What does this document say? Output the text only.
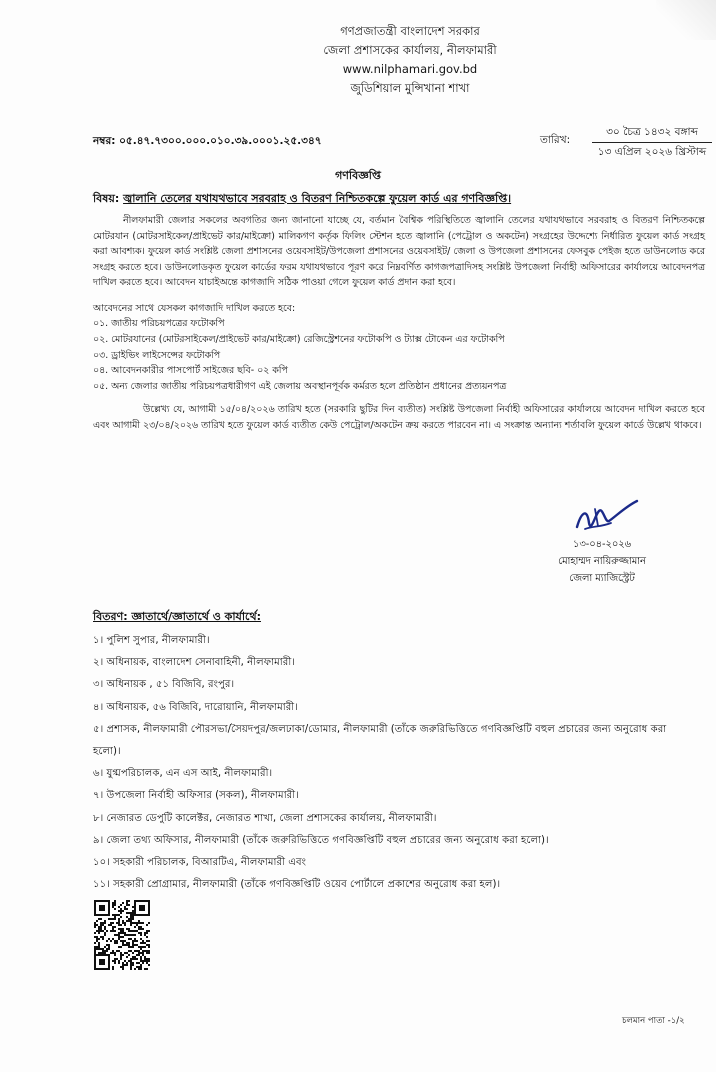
গণপ্রজাতন্ত্রী বাংলাদেশ সরকার
জেলা প্রশাসকের কার্যালয়, নীলফামারী
www.nilphamari.gov.bd
জুডিশিয়াল মুন্সিখানা শাখা
নম্বর: ০৫.৪৭.৭৩০০.০০০.০১০.৩৯.০০০১.২৫.৩৪৭	তারিখ:
৩০ চৈত্র ১৪৩২ বঙ্গাব্দ
১৩ এপ্রিল ২০২৬ খ্রিস্টাব্দ
গণবিজ্ঞপ্তি
বিষয়: জ্বালানি তেলের যথাযথভাবে সরবরাহ ও বিতরণ নিশ্চিতকল্পে ফুয়েল কার্ড এর গণবিজ্ঞপ্তি।
নীলফামারী জেলার সকলের অবগতির জন্য জানানো যাচ্ছে যে, বর্তমান বৈশ্বিক পরিস্থিতিতে জ্বালানি তেলের যথাযথভাবে সরবরাহ ও বিতরণ নিশ্চিতকল্পে মোটরযান (মোটরসাইকেল/প্রাইভেট কার/মাইক্রো) মালিকগণ কর্তৃক ফিলিং স্টেশন হতে জ্বালানি (পেট্রোল ও অকটেন) সংগ্রহের উদ্দেশ্যে নির্ধারিত ফুয়েল কার্ড সংগ্রহ করা আবশ্যক। ফুয়েল কার্ড সংশ্লিষ্ট জেলা প্রশাসনের ওয়েবসাইট/উপজেলা প্রশাসনের ওয়েবসাইট/ জেলা ও উপজেলা প্রশাসনের ফেসবুক পেইজ হতে ডাউনলোড করে সংগ্রহ করতে হবে। ডাউনলোডকৃত ফুয়েল কার্ডের ফরম যথাযথভাবে পূরণ করে নিম্নবর্ণিত কাগজপত্রাদিসহ সংশ্লিষ্ট উপজেলা নির্বাহী অফিসারের কার্যালয়ে আবেদনপত্র দাখিল করতে হবে। আবেদন যাচাইঅন্তে কাগজাদি সঠিক পাওয়া গেলে ফুয়েল কার্ড প্রদান করা হবে।
আবেদনের সাথে যেসকল কাগজাদি দাখিল করতে হবে:
০১. জাতীয় পরিচয়পত্রের ফটোকপি
০২. মোটরযানের (মোটরসাইকেল/প্রাইভেট কার/মাইক্রো) রেজিস্ট্রেশনের ফটোকপি ও ট্যাক্স টোকেন এর ফটোকপি
০৩. ড্রাইভিং লাইসেন্সের ফটোকপি
০৪. আবেদনকারীর পাসপোর্ট সাইজের ছবি- ০২ কপি
০৫. অন্য জেলার জাতীয় পরিচয়পত্রধারীগণ এই জেলায় অবস্থানপূর্বক কর্মরত হলে প্রতিষ্ঠান প্রধানের প্রত্যয়নপত্র
উল্লেখ্য যে, আগামী ১৫/০৪/২০২৬ তারিখ হতে (সরকারি ছুটির দিন ব্যতীত) সংশ্লিষ্ট উপজেলা নির্বাহী অফিসারের কার্যালয়ে আবেদন দাখিল করতে হবে এবং আগামী ২৩/০৪/২০২৬ তারিখ হতে ফুয়েল কার্ড ব্যতীত কেউ পেট্রোল/অকটেন ক্রয় করতে পারবেন না। এ সংক্রান্ত অন্যান্য শর্তাবলি ফুয়েল কার্ডে উল্লেখ থাকবে।
১৩-০৪-২০২৬
মোহাম্মদ নায়িরুজ্জামান
জেলা ম্যাজিস্ট্রেট
বিতরণ: জ্ঞাতার্থে/জ্ঞাতার্থে ও কার্যার্থে:
১। পুলিশ সুপার, নীলফামারী।
২। অধিনায়ক, বাংলাদেশ সেনাবাহিনী, নীলফামারী।
৩। অধিনায়ক , ৫১ বিজিবি, রংপুর।
৪। অধিনায়ক, ৫৬ বিজিবি, দারোয়ানি, নীলফামারী।
৫। প্রশাসক, নীলফামারী পৌরসভা/সৈয়দপুর/জলঢাকা/ডোমার, নীলফামারী (তাঁকে জরুরিভিত্তিতে গণবিজ্ঞপ্তিটি বহুল প্রচারের জন্য অনুরোধ করা হলো)।
৬। যুগ্মপরিচালক, এন এস আই, নীলফামারী।
৭। উপজেলা নির্বাহী অফিসার (সকল), নীলফামারী।
৮। নেজারত ডেপুটি কালেক্টর, নেজারত শাখা, জেলা প্রশাসকের কার্যালয়, নীলফামারী।
৯। জেলা তথ্য অফিসার, নীলফামারী (তাঁকে জরুরিভিত্তিতে গণবিজ্ঞপ্তিটি বহুল প্রচারের জন্য অনুরোধ করা হলো)।
১০। সহকারী পরিচালক, বিআরটিএ, নীলফামারী এবং
১১। সহকারী প্রোগ্রামার, নীলফামারী (তাঁকে গণবিজ্ঞপ্তিটি ওয়েব পোর্টালে প্রকাশের অনুরোধ করা হল)।
চলমান পাতা -১/২
